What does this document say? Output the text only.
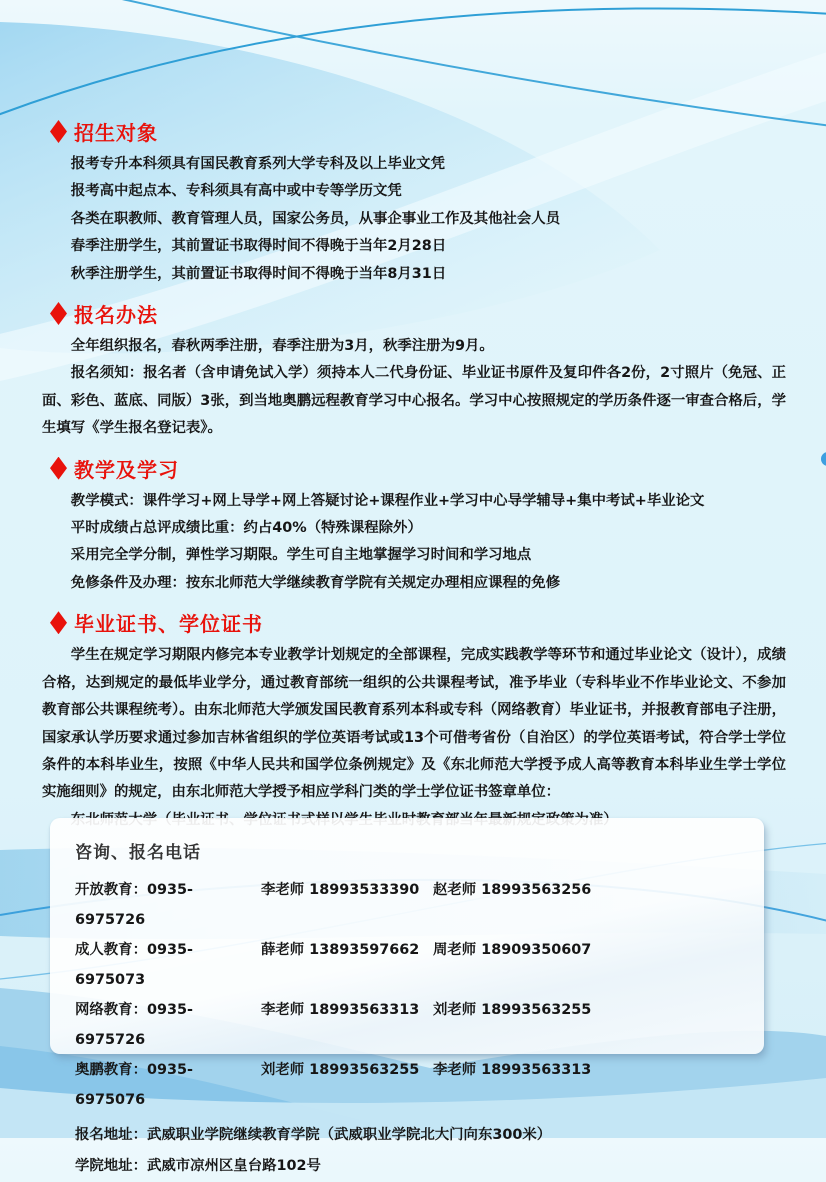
招生对象

报考专升本科须具有国民教育系列大学专科及以上毕业文凭

报考高中起点本、专科须具有高中或中专等学历文凭

各类在职教师、教育管理人员，国家公务员，从事企事业工作及其他社会人员

春季注册学生，其前置证书取得时间不得晚于当年2月28日

秋季注册学生，其前置证书取得时间不得晚于当年8月31日

报名办法

全年组织报名，春秋两季注册，春季注册为3月，秋季注册为9月。

报名须知：报名者（含申请免试入学）须持本人二代身份证、毕业证书原件及复印件各2份，2寸照片（免冠、正面、彩色、蓝底、同版）3张，到当地奥鹏远程教育学习中心报名。学习中心按照规定的学历条件逐一审查合格后，学生填写《学生报名登记表》。

教学及学习

教学模式：课件学习+网上导学+网上答疑讨论+课程作业+学习中心导学辅导+集中考试+毕业论文

平时成绩占总评成绩比重：约占40%（特殊课程除外）

采用完全学分制，弹性学习期限。学生可自主地掌握学习时间和学习地点

免修条件及办理：按东北师范大学继续教育学院有关规定办理相应课程的免修

毕业证书、学位证书

学生在规定学习期限内修完本专业教学计划规定的全部课程，完成实践教学等环节和通过毕业论文（设计），成绩合格，达到规定的最低毕业学分，通过教育部统一组织的公共课程考试，准予毕业（专科毕业不作毕业论文、不参加教育部公共课程统考）。由东北师范大学颁发国民教育系列本科或专科（网络教育）毕业证书，并报教育部电子注册，国家承认学历要求通过参加吉林省组织的学位英语考试或13个可借考省份（自治区）的学位英语考试，符合学士学位条件的本科毕业生，按照《中华人民共和国学位条例规定》及《东北师范大学授予成人高等教育本科毕业生学士学位实施细则》的规定，由东北师范大学授予相应学科门类的学士学位证书签章单位：

咨询、报名电话
开放教育：0935-6975726
李老师 18993533390 赵老师 18993563256
成人教育：0935-6975073
薛老师 13893597662 周老师 18909350607
网络教育：0935-6975726
李老师 18993563313 刘老师 18993563255
奥鹏教育：0935-6975076
刘老师 18993563255 李老师 18993563313

报名地址：武威职业学院继续教育学院（武威职业学院北大门向东300米）

学院地址：武威市凉州区皇台路102号
